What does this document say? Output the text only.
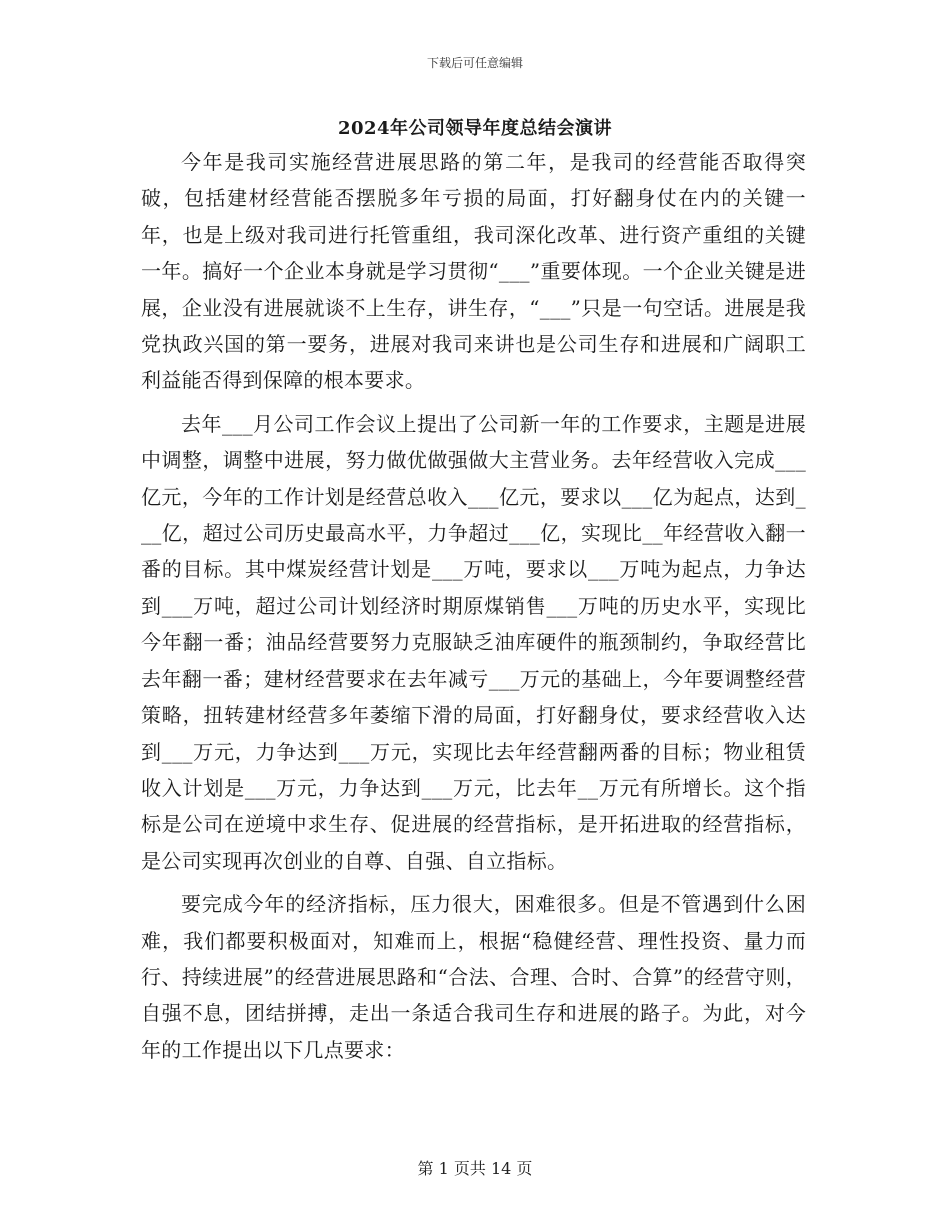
下载后可任意编辑
2024年公司领导年度总结会演讲

今年是我司实施经营进展思路的第二年，是我司的经营能否取得突破，包括建材经营能否摆脱多年亏损的局面，打好翻身仗在内的关键一年，也是上级对我司进行托管重组，我司深化改革、进行资产重组的关键一年。搞好一个企业本身就是学习贯彻“___”重要体现。一个企业关键是进展，企业没有进展就谈不上生存，讲生存，“___”只是一句空话。进展是我党执政兴国的第一要务，进展对我司来讲也是公司生存和进展和广阔职工利益能否得到保障的根本要求。

去年___月公司工作会议上提出了公司新一年的工作要求，主题是进展中调整，调整中进展，努力做优做强做大主营业务。去年经营收入完成___亿元，今年的工作计划是经营总收入___亿元，要求以___亿为起点，达到___亿，超过公司历史最高水平，力争超过___亿，实现比__年经营收入翻一番的目标。其中煤炭经营计划是___万吨，要求以___万吨为起点，力争达到___万吨，超过公司计划经济时期原煤销售___万吨的历史水平，实现比今年翻一番；油品经营要努力克服缺乏油库硬件的瓶颈制约，争取经营比去年翻一番；建材经营要求在去年减亏___万元的基础上，今年要调整经营策略，扭转建材经营多年萎缩下滑的局面，打好翻身仗，要求经营收入达到___万元，力争达到___万元，实现比去年经营翻两番的目标；物业租赁收入计划是___万元，力争达到___万元，比去年__万元有所增长。这个指标是公司在逆境中求生存、促进展的经营指标，是开拓进取的经营指标，是公司实现再次创业的自尊、自强、自立指标。

要完成今年的经济指标，压力很大，困难很多。但是不管遇到什么困难，我们都要积极面对，知难而上，根据“稳健经营、理性投资、量力而行、持续进展”的经营进展思路和“合法、合理、合时、合算”的经营守则，自强不息，团结拼搏，走出一条适合我司生存和进展的路子。为此，对今年的工作提出以下几点要求：

第 1 页共 14 页
